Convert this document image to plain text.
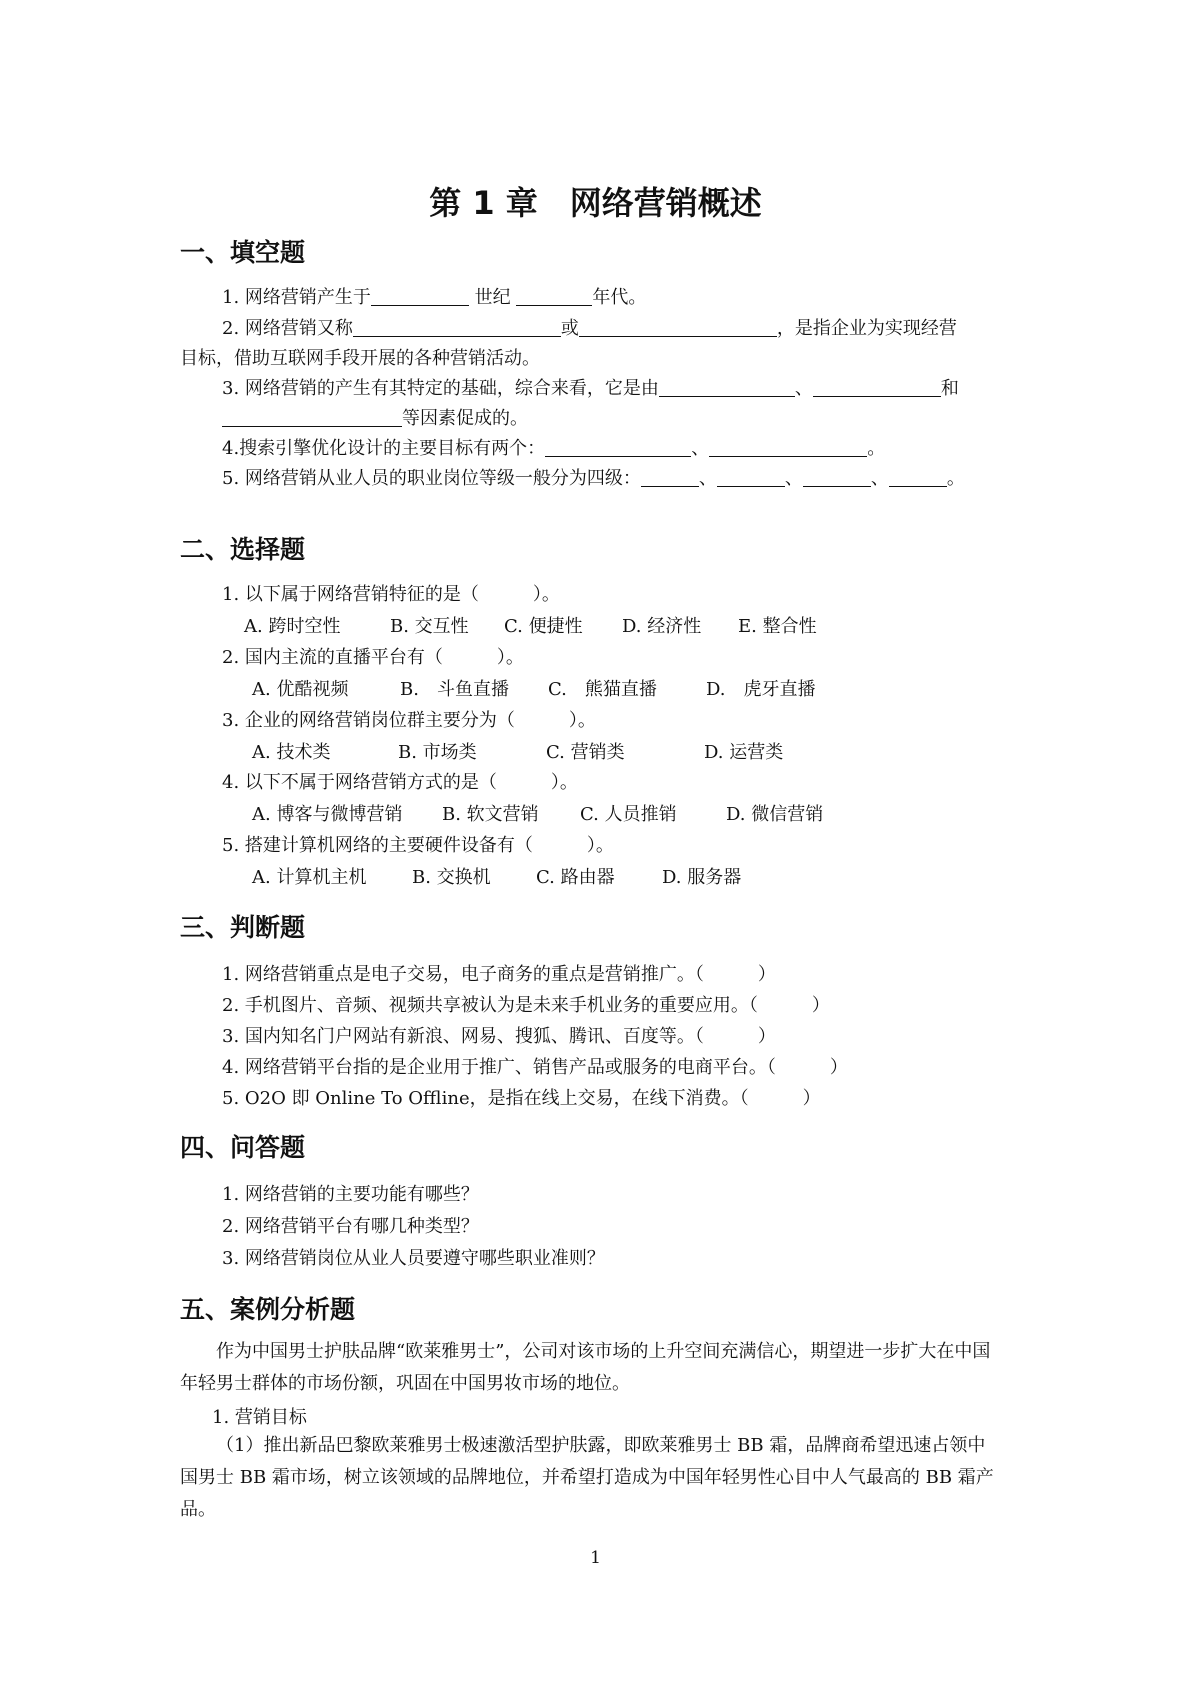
第 1 章　网络营销概述
一、填空题
1. 网络营销产生于	世纪	年代。
2. 网络营销又称	或	，是指企业为实现经营
目标，借助互联网手段开展的各种营销活动。
3. 网络营销的产生有其特定的基础，综合来看，它是由	、	和
等因素促成的。
4.搜索引擎优化设计的主要目标有两个：	、	。
5. 网络营销从业人员的职业岗位等级一般分为四级：	、	、	、	。
二、选择题
1. 以下属于网络营销特征的是（　　　）。
A. 跨时空性	B. 交互性 C. 便捷性 D. 经济性 E. 整合性
2. 国内主流的直播平台有（　　　）。
A. 优酷视频	B.　斗鱼直播 C.　熊猫直播	D.　虎牙直播
3. 企业的网络营销岗位群主要分为（　　　）。
A. 技术类	B. 市场类	C. 营销类	D. 运营类
4. 以下不属于网络营销方式的是（　　　）。
A. 博客与微博营销 B. 软文营销 C. 人员推销	D. 微信营销
5. 搭建计算机网络的主要硬件设备有（　　　）。
A. 计算机主机	B. 交换机	C. 路由器	D. 服务器
三、判断题
1. 网络营销重点是电子交易，电子商务的重点是营销推广。（　　　）
2. 手机图片、音频、视频共享被认为是未来手机业务的重要应用。（　　　）
3. 国内知名门户网站有新浪、网易、搜狐、腾讯、百度等。（　　　）
4. 网络营销平台指的是企业用于推广、销售产品或服务的电商平台。（　　　）
5. O2O 即 Online To Offline，是指在线上交易，在线下消费。（　　　）
四、问答题
1. 网络营销的主要功能有哪些？
2. 网络营销平台有哪几种类型？
3. 网络营销岗位从业人员要遵守哪些职业准则？
五、案例分析题
作为中国男士护肤品牌“欧莱雅男士”，公司对该市场的上升空间充满信心，期望进一步扩大在中国年轻男士群体的市场份额，巩固在中国男妆市场的地位。
1. 营销目标
（1）推出新品巴黎欧莱雅男士极速激活型护肤露，即欧莱雅男士 BB 霜，品牌商希望迅速占领中国男士 BB 霜市场，树立该领域的品牌地位，并希望打造成为中国年轻男性心目中人气最高的 BB 霜产品。
1
